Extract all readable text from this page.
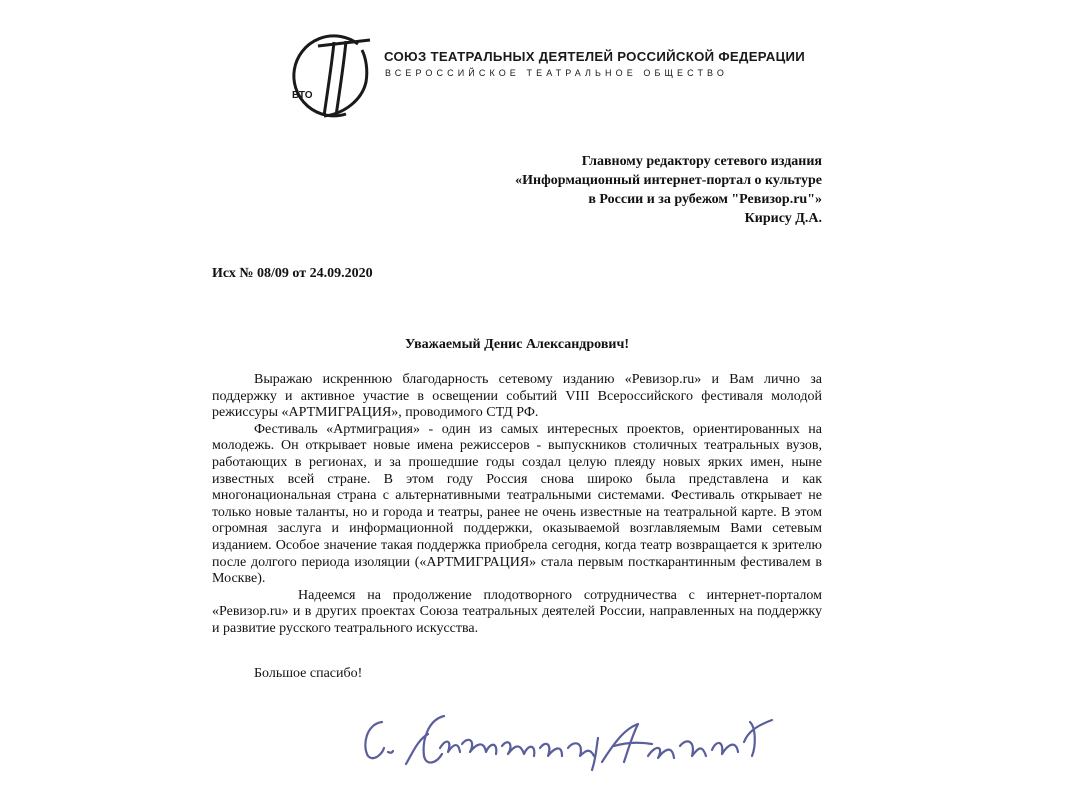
ВТО
СОЮЗ ТЕАТРАЛЬНЫХ ДЕЯТЕЛЕЙ РОССИЙСКОЙ ФЕДЕРАЦИИ
ВСЕРОССИЙСКОЕ ТЕАТРАЛЬНОЕ ОБЩЕСТВО
Главному редактору сетевого издания
«Информационный интернет-портал о культуре
в России и за рубежом "Ревизор.ru"»
Кирису Д.А.
Исх № 08/09 от 24.09.2020
Уважаемый Денис Александрович!

Выражаю искреннюю благодарность сетевому изданию «Ревизор.ru» и Вам лично за поддержку и активное участие в освещении событий VIII Всероссийского фестиваля молодой режиссуры «АРТМИГРАЦИЯ», проводимого СТД РФ.

Фестиваль «Артмиграция» - один из самых интересных проектов, ориентированных на молодежь. Он открывает новые имена режиссеров - выпускников столичных театральных вузов, работающих в регионах, и за прошедшие годы создал целую плеяду новых ярких имен, ныне известных всей стране. В этом году Россия снова широко была представлена и как многонациональная страна с альтернативными театральными системами. Фестиваль открывает не только новые таланты, но и города и театры, ранее не очень известные на театральной карте. В этом огромная заслуга и информационной поддержки, оказываемой возглавляемым Вами сетевым изданием. Особое значение такая поддержка приобрела сегодня, когда театр возвращается к зрителю после долгого периода изоляции («АРТМИГРАЦИЯ» стала первым посткарантинным фестивалем в Москве).

Надеемся на продолжение плодотворного сотрудничества с интернет-порталом «Ревизор.ru» и в других проектах Союза театральных деятелей России, направленных на поддержку и развитие русского театрального искусства.

Большое спасибо!
